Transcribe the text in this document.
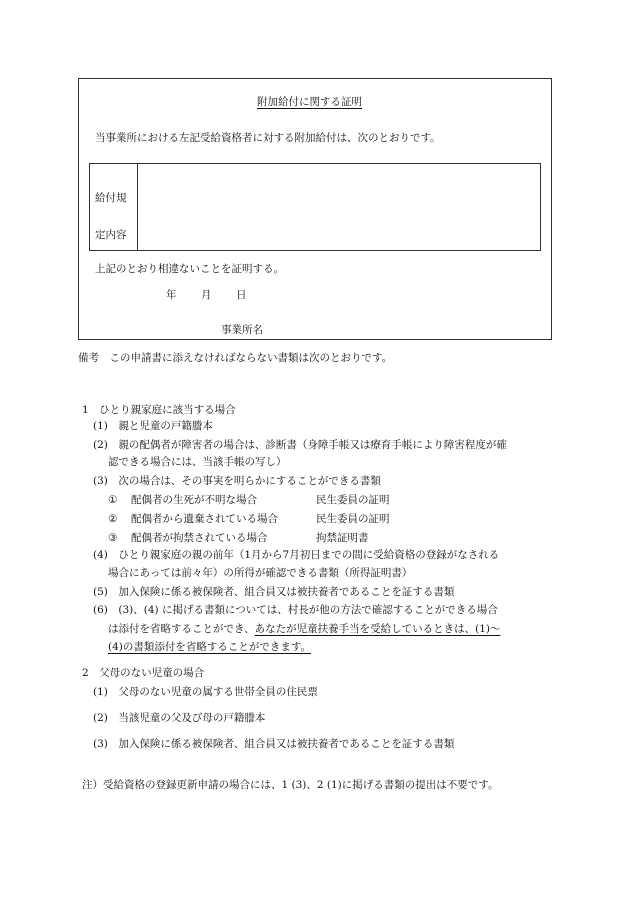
附加給付に関する証明
当事業所における左記受給資格者に対する附加給付は、次のとおりです。
給付規
定内容
上記のとおり相違ないことを証明する。
年 月 日
事業所名
備考　この申請書に添えなければならない書類は次のとおりです。
1　ひとり親家庭に該当する場合
(1)　親と児童の戸籍謄本
(2)　親の配偶者が障害者の場合は、診断書（身障手帳又は療育手帳により障害程度が確
認できる場合には、当該手帳の写し）
(3)　次の場合は、その事実を明らかにすることができる書類
① 配偶者の生死が不明な場合	民生委員の証明
② 配偶者から遺棄されている場合	民生委員の証明
③ 配偶者が拘禁されている場合	拘禁証明書
(4)　ひとり親家庭の親の前年（1月から7月初日までの間に受給資格の登録がなされる
場合にあっては前々年）の所得が確認できる書類（所得証明書）
(5)　加入保険に係る被保険者、組合員又は被扶養者であることを証する書類
(6)　(3)、(4) に掲げる書類については、村長が他の方法で確認することができる場合
は添付を省略することができ、あなたが児童扶養手当を受給しているときは、(1)～
(4)の書類添付を省略することができます。
2　父母のない児童の場合
(1)　父母のない児童の属する世帯全員の住民票
(2)　当該児童の父及び母の戸籍謄本
(3)　加入保険に係る被保険者、組合員又は被扶養者であることを証する書類
注）受給資格の登録更新申請の場合には、1 (3)、2 (1)に掲げる書類の提出は不要です。
